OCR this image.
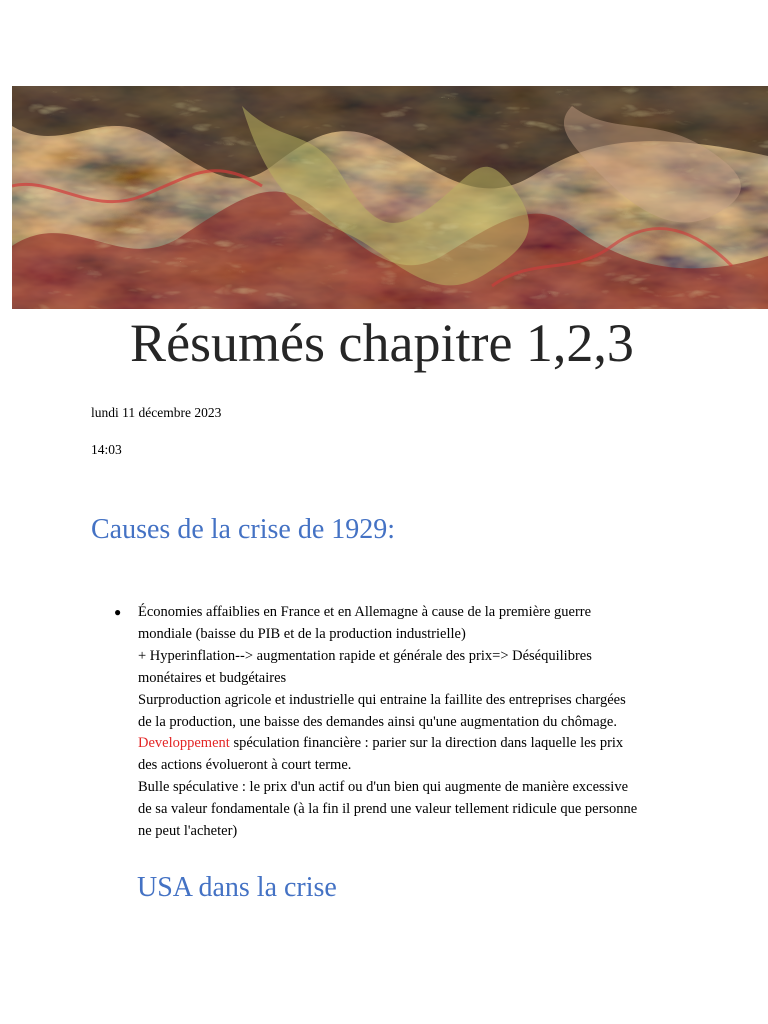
Résumés chapitre 1,2,3
lundi 11 décembre 2023
14:03
Causes de la crise de 1929:
● Économies affaiblies en France et en Allemagne à cause de la première guerre
mondiale (baisse du PIB et de la production industrielle)
+ Hyperinflation--> augmentation rapide et générale des prix=> Déséquilibres
monétaires et budgétaires
Surproduction agricole et industrielle qui entraine la faillite des entreprises chargées
de la production, une baisse des demandes ainsi qu'une augmentation du chômage.
Developpement spéculation financière : parier sur la direction dans laquelle les prix
des actions évolueront à court terme.
Bulle spéculative : le prix d'un actif ou d'un bien qui augmente de manière excessive
de sa valeur fondamentale (à la fin il prend une valeur tellement ridicule que personne
ne peut l'acheter)
USA dans la crise
